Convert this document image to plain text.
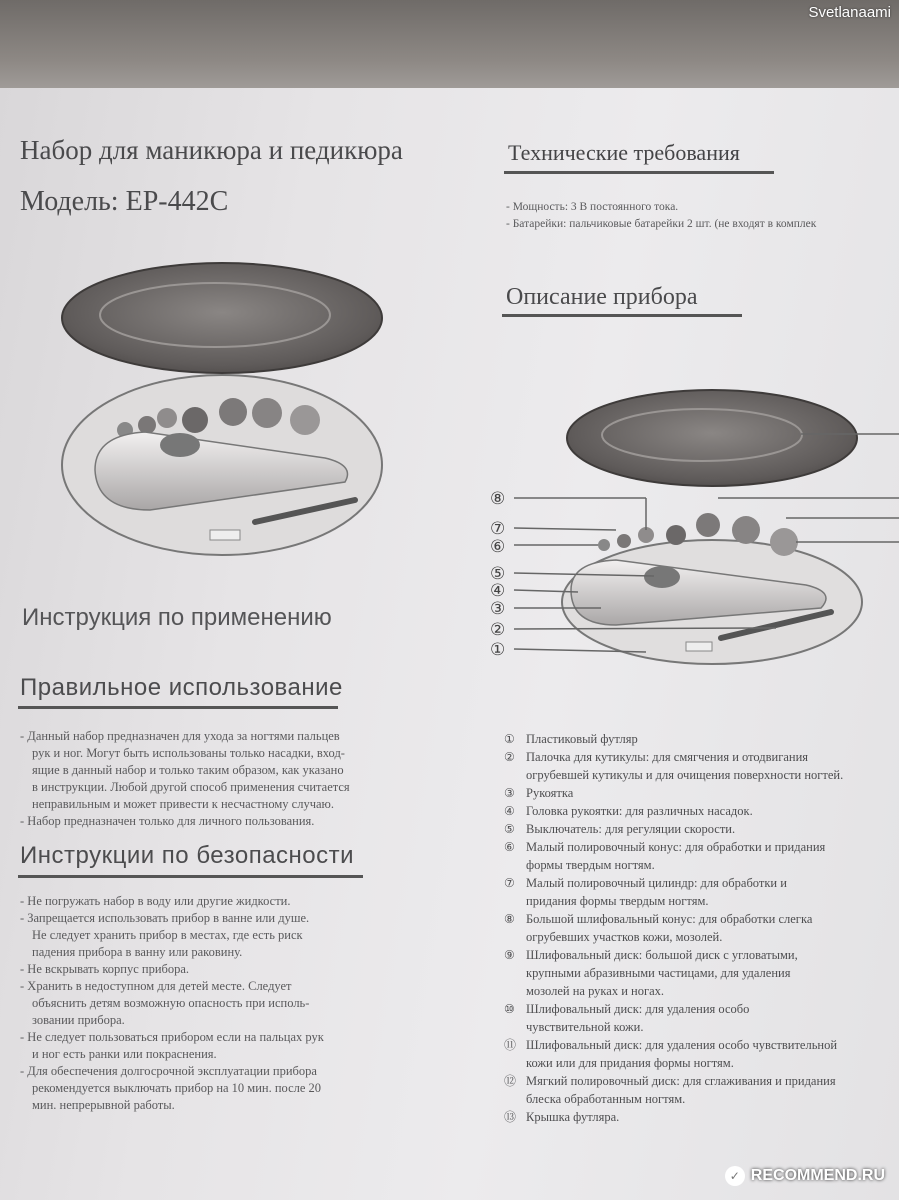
Svetlanaami
Набор для маникюра и педикюра
Модель: EP-442C
Инструкция по применению
Правильное использование

- Данный набор предназначен для ухода за ногтями пальцев

рук и ног. Могут быть использованы только насадки, вход-

ящие в данный набор и только таким образом, как указано

в инструкции. Любой другой способ применения считается

неправильным и может привести к несчастному случаю.

- Набор предназначен только для личного пользования.

Инструкции по безопасности

- Не погружать набор в воду или другие жидкости.

- Запрещается использовать прибор в ванне или душе.

Не следует хранить прибор в местах, где есть риск

падения прибора в ванну или раковину.

- Не вскрывать корпус прибора.

- Хранить в недоступном для детей месте. Следует

объяснить детям возможную опасность при исполь-

зовании прибора.

- Не следует пользоваться прибором если на пальцах рук

и ног есть ранки или покраснения.

- Для обеспечения долгосрочной эксплуатации прибора

рекомендуется выключать прибор на 10 мин. после 20

мин. непрерывной работы.

Технические требования

- Мощность: 3 В постоянного тока.

- Батарейки: пальчиковые батарейки 2 шт. (не входят в комплек

Описание прибора
⑧
⑦
⑥
⑤
④
③
②
①
① Пластиковый футляр
② Палочка для кутикулы: для смягчения и отодвигания
огрубевшей кутикулы и для очищения поверхности ногтей.
③ Рукоятка
④ Головка рукоятки: для различных насадок.
⑤ Выключатель: для регуляции скорости.
⑥ Малый полировочный конус: для обработки и придания
формы твердым ногтям.
⑦ Малый полировочный цилиндр: для обработки и
придания формы твердым ногтям.
⑧ Большой шлифовальный конус: для обработки слегка
огрубевших участков кожи, мозолей.
⑨ Шлифовальный диск: большой диск с угловатыми,
крупными абразивными частицами, для удаления
мозолей на руках и ногах.
⑩ Шлифовальный диск: для удаления особо
чувствительной кожи.
⑪ Шлифовальный диск: для удаления особо чувствительной
кожи или для придания формы ногтям.
⑫ Мягкий полировочный диск: для сглаживания и придания
блеска обработанным ногтям.
⑬ Крышка футляра.
✓ RECOMMEND.RU
